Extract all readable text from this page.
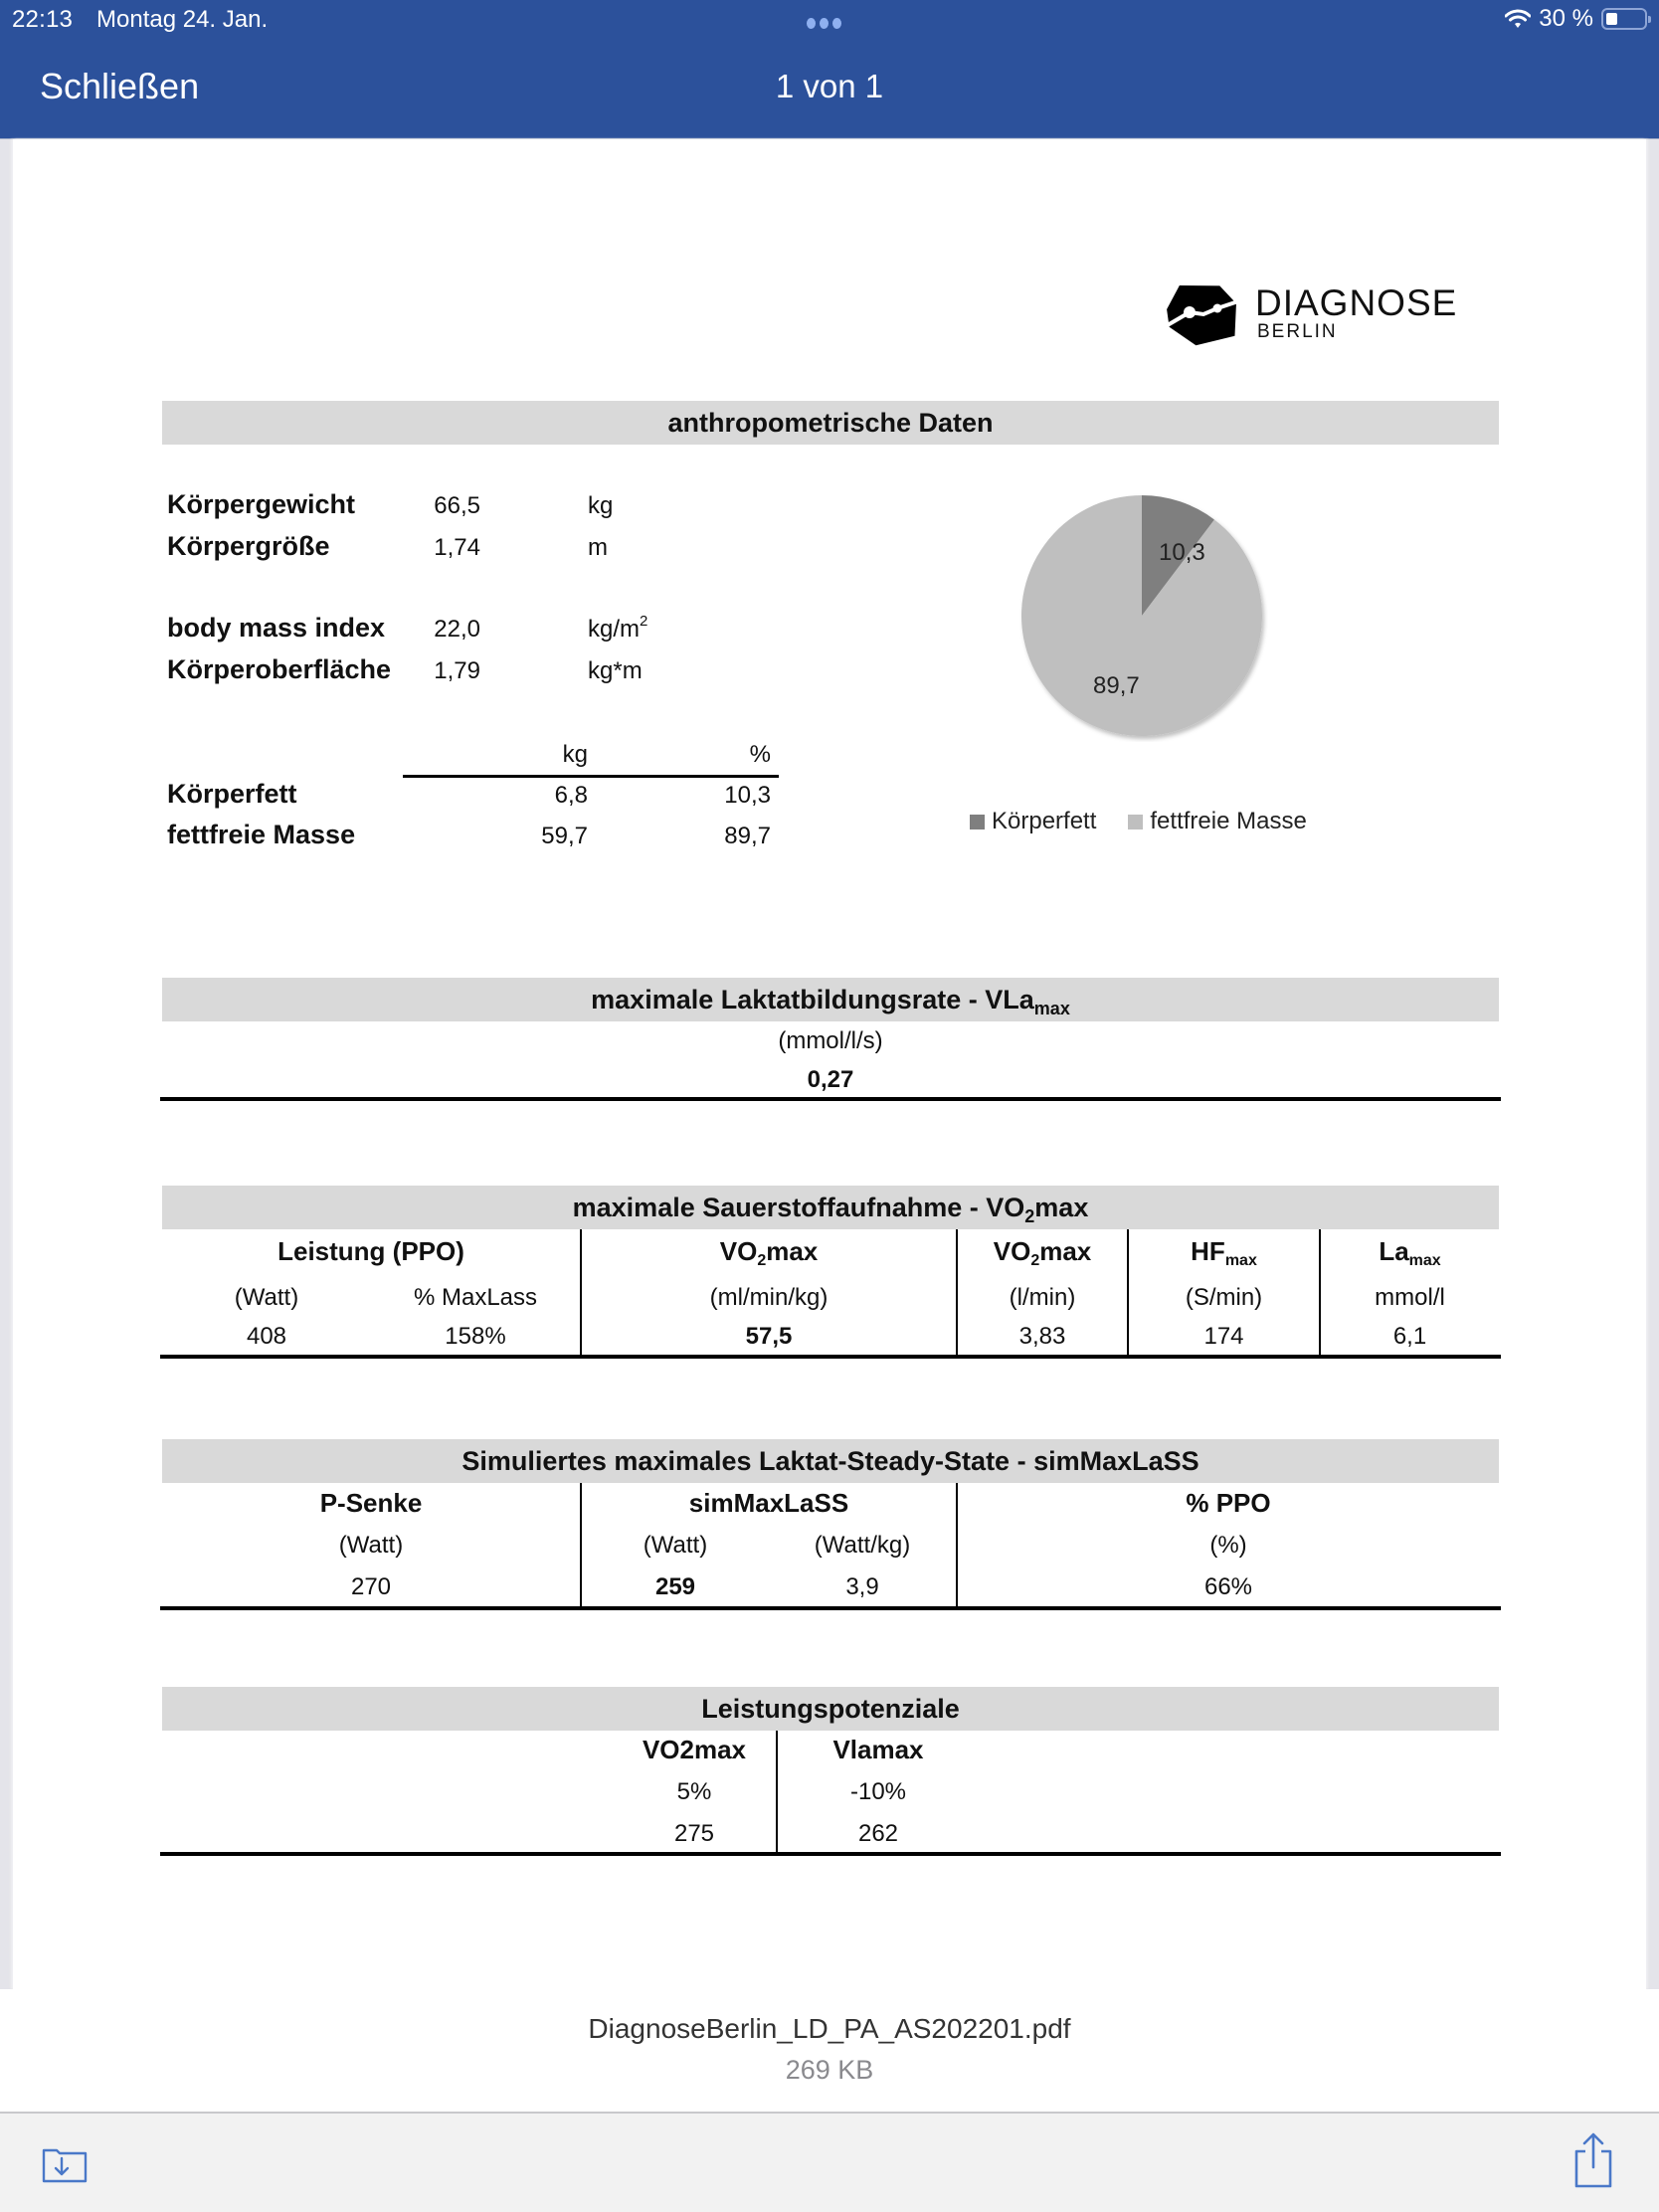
22:13 Montag 24. Jan.	30 %
Schließen	1 von 1
DIAGNOSE
BERLIN
anthropometrische Daten
Körpergewicht	66,5	kg
Körpergröße	1,74	m
body mass index	22,0	$kg/m^2$
Körperoberfläche	1,79	kg*m
kg	%
Körperfett	6,8	10,3
fettfreie Masse	59,7	89,7
10,3
89,7
Körperfett fettfreie Masse
maximale Laktatbildungsrate - VLa$_{max}$
(mmol/l/s)
0,27
maximale Sauerstoffaufnahme - $VO_2\max$
Leistung (PPO)	$VO_2\max$	$VO_2\max$	$HF_{max}$	$La_{max}$
(Watt)	% MaxLass	(ml/min/kg)	(l/min)	(S/min)	mmol/l
408	158%	57,5	3,83	174	6,1
Simuliertes maximales Laktat-Steady-State - simMaxLaSS
P-Senke	simMaxLaSS	% PPO
(Watt)	(Watt)	(Watt/kg)	(%)
270	259	3,9	66%
Leistungspotenziale
VO2max	Vlamax
5%	-10%
275	262
DiagnoseBerlin_LD_PA_AS202201.pdf
269 KB
